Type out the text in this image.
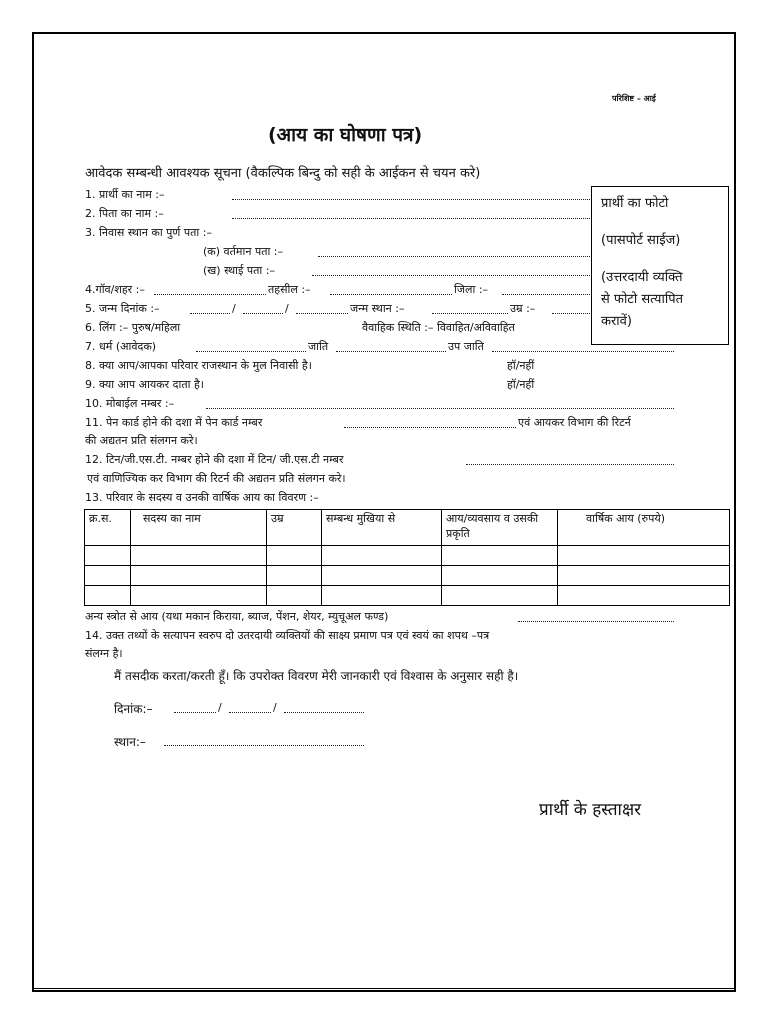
परिशिष्ट – आई
(आय का घोषणा पत्र)
आवेदक सम्बन्धी आवश्यक सूचना (वैकल्पिक बिन्दु को सही के आईकन से चयन करे)
प्रार्थी का फोटो
(पासपोर्ट साईज)
(उत्तरदायी व्यक्ति
से फोटो सत्यापित
करावें)
1. प्रार्थी का नाम :–
2. पिता का नाम :–
3. निवास स्थान का पुर्ण पता :–
(क) वर्तमान पता :–
(ख) स्थाई पता :–
4.गॉव/शहर :–	तहसील :–	जिला :–
5. जन्म दिनांक :–	/	/	जन्म स्थान :–	उम्र :–
6. लिंग :– पुरुष/महिला	वैवाहिक स्थिति :– विवाहित/अविवाहित
7. धर्म (आवेदक)	जाति	उप जाति
8. क्या आप/आपका परिवार राजस्थान के मुल निवासी है।	हॉ/नहीं
9. क्या आप आयकर दाता है।	हॉ/नहीं
10. मोबाईल नम्बर :–
11. पेन कार्ड होने की दशा में पेन कार्ड नम्बर	एवं आयकर विभाग की रिटर्न
की अद्यतन प्रति संलगन करे।
12. टिन/जी.एस.टी. नम्बर होने की दशा में टिन/ जी.एस.टी नम्बर
एवं वाणिज्यिक कर विभाग की रिटर्न की अद्यतन प्रति संलगन करे।
13. परिवार के सदस्य व उनकी वार्षिक आय का विवरण :–
क्र.स.	सदस्य का नाम	उम्र	सम्बन्ध मुखिया से	आय/व्यवसाय व उसकी प्रकृति	वार्षिक आय (रुपये)

अन्य स्त्रोत से आय (यथा मकान किराया, ब्याज, पेंशन, शेयर, म्युचूअल फण्ड)
14. उक्त तथ्यों के सत्यापन स्वरुप दो उतरदायी व्यक्तियों की साक्ष्य प्रमाण पत्र एवं स्वयं का शपथ –पत्र
संलग्न है।
मैं तसदीक करता/करती हूँ। कि उपरोक्त विवरण मेरी जानकारी एवं विश्वास के अनुसार सही है।
दिनांक:–	/	/
स्थान:–
प्रार्थी के हस्ताक्षर
